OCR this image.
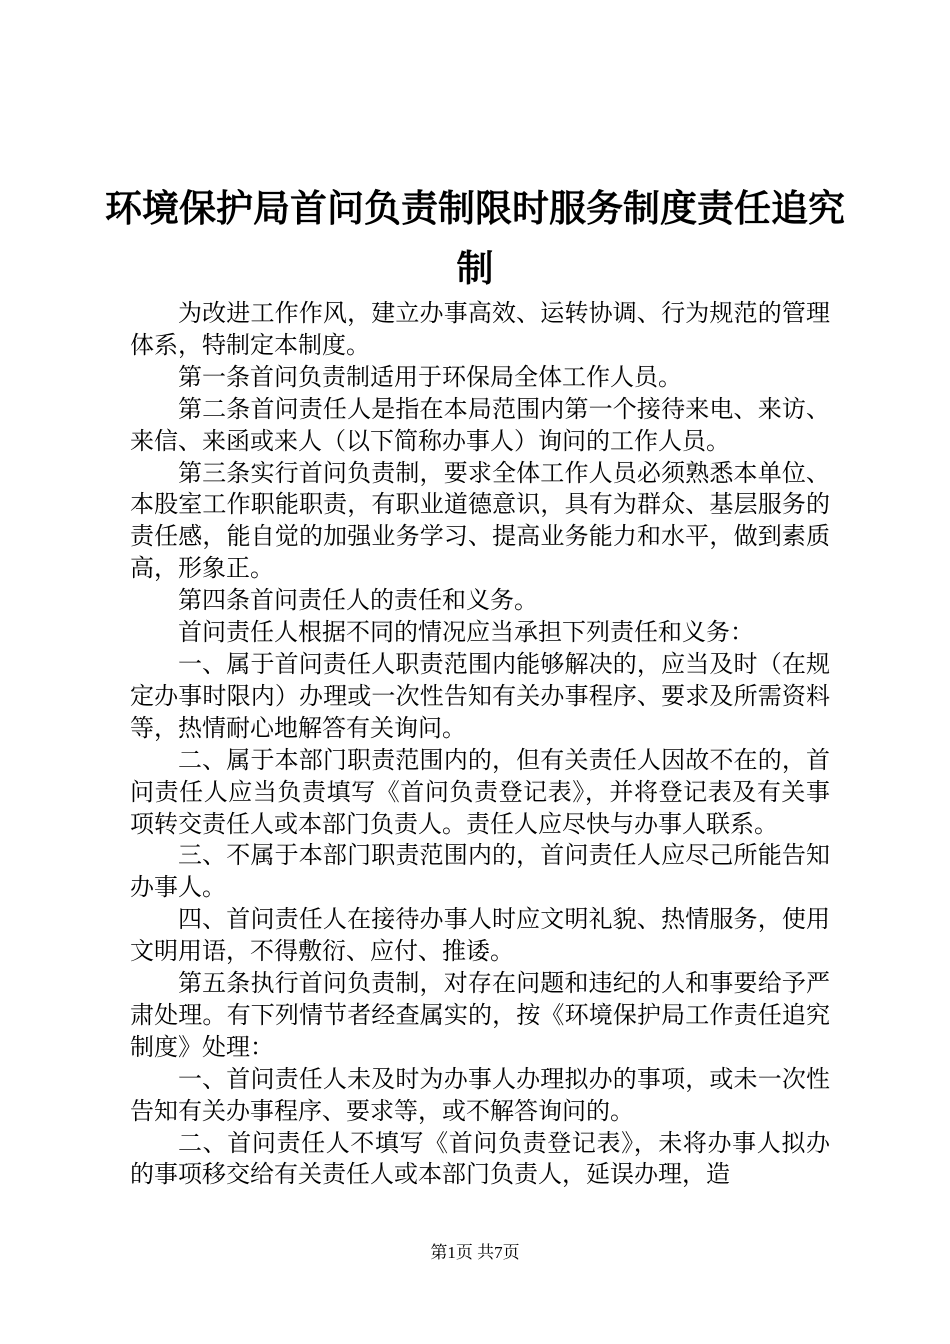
环境保护局首问负责制限时服务制度责任追究
制

为改进工作作风，建立办事高效、运转协调、行为规范的管理体系，特制定本制度。

第一条首问负责制适用于环保局全体工作人员。

第二条首问责任人是指在本局范围内第一个接待来电、来访、来信、来函或来人（以下简称办事人）询问的工作人员。

第三条实行首问负责制，要求全体工作人员必须熟悉本单位、本股室工作职能职责，有职业道德意识，具有为群众、基层服务的责任感，能自觉的加强业务学习、提高业务能力和水平，做到素质高，形象正。

第四条首问责任人的责任和义务。

首问责任人根据不同的情况应当承担下列责任和义务：

一、属于首问责任人职责范围内能够解决的，应当及时（在规定办事时限内）办理或一次性告知有关办事程序、要求及所需资料等，热情耐心地解答有关询问。

二、属于本部门职责范围内的，但有关责任人因故不在的，首问责任人应当负责填写《首问负责登记表》，并将登记表及有关事项转交责任人或本部门负责人。责任人应尽快与办事人联系。

三、不属于本部门职责范围内的，首问责任人应尽己所能告知办事人。

四、首问责任人在接待办事人时应文明礼貌、热情服务，使用文明用语，不得敷衍、应付、推诿。

第五条执行首问负责制，对存在问题和违纪的人和事要给予严肃处理。有下列情节者经查属实的，按《环境保护局工作责任追究制度》处理：

一、首问责任人未及时为办事人办理拟办的事项，或未一次性告知有关办事程序、要求等，或不解答询问的。

二、首问责任人不填写《首问负责登记表》，未将办事人拟办的事项移交给有关责任人或本部门负责人，延误办理，造

第1页 共7页
